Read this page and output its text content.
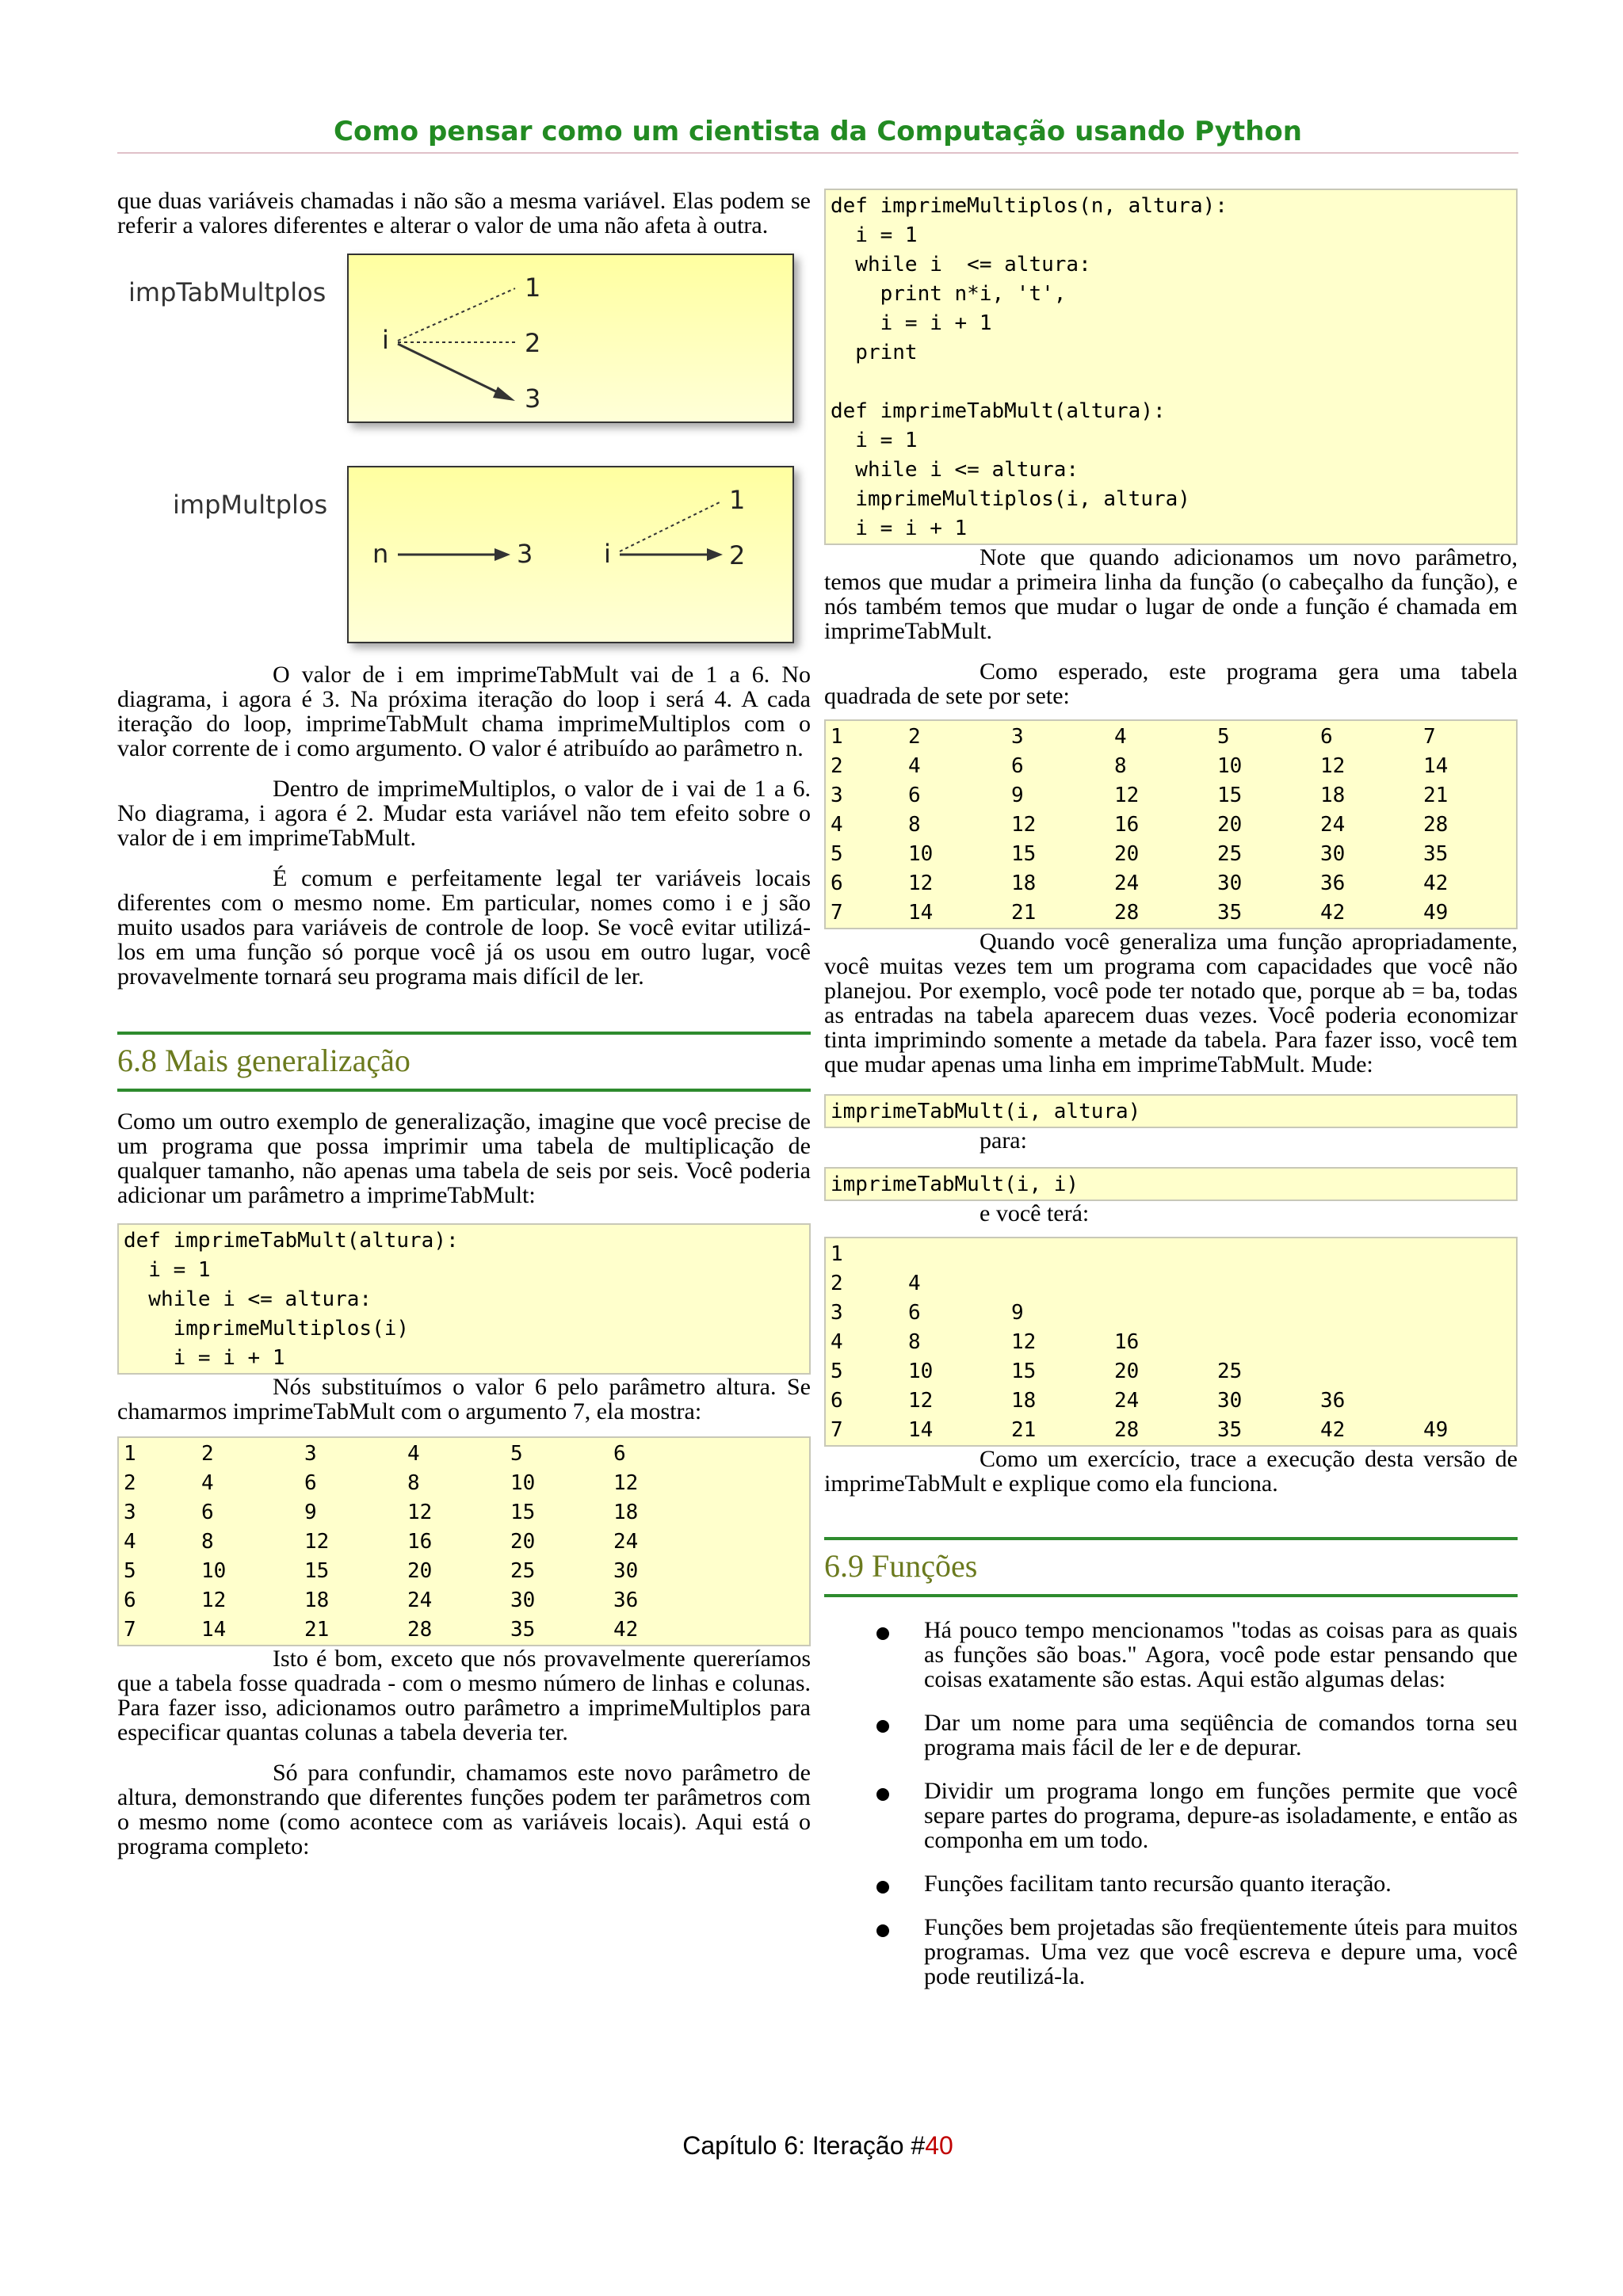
Como pensar como um cientista da Computação usando Python

que duas variáveis chamadas i não são a mesma variável. Elas podem se referir a valores diferentes e alterar o valor de uma não afeta à outra.

impTabMultplos
i
1
2
3
impMultplos
n	3	i
1
2

O valor de i em imprimeTabMult vai de 1 a 6. No diagrama, i agora é 3. Na próxima iteração do loop i será 4. A cada iteração do loop, imprimeTabMult chama imprimeMultiplos com o valor corrente de i como argumento. O valor é atribuído ao parâmetro n.

Dentro de imprimeMultiplos, o valor de i vai de 1 a 6. No diagrama, i agora é 2. Mudar esta variável não tem efeito sobre o valor de i em imprimeTabMult.

É comum e perfeitamente legal ter variáveis locais diferentes com o mesmo nome. Em particular, nomes como i e j são muito usados para variáveis de controle de loop. Se você evitar utilizá-los em uma função só porque você já os usou em outro lugar, você provavelmente tornará seu programa mais difícil de ler.

6.8 Mais generalização

Como um outro exemplo de generalização, imagine que você precise de um programa que possa imprimir uma tabela de multiplicação de qualquer tamanho, não apenas uma tabela de seis por seis. Você poderia adicionar um parâmetro a imprimeTabMult:

def imprimeTabMult(altura):
i = 1
while i <= altura:
imprimeMultiplos(i)
i = i + 1

Nós substituímos o valor 6 pelo parâmetro altura. Se chamarmos imprimeTabMult com o argumento 7, ela mostra:

1	2	3	4	5	6
2	4	6	8	10	12
3	6	9	12	15	18
4	8	12	16	20	24
5	10	15	20	25	30
6	12	18	24	30	36
7	14	21	28	35	42

Isto é bom, exceto que nós provavelmente quereríamos que a tabela fosse quadrada - com o mesmo número de linhas e colunas. Para fazer isso, adicionamos outro parâmetro a imprimeMultiplos para especificar quantas colunas a tabela deveria ter.

Só para confundir, chamamos este novo parâmetro de altura, demonstrando que diferentes funções podem ter parâmetros com o mesmo nome (como acontece com as variáveis locais). Aqui está o programa completo:

def imprimeMultiplos(n, altura):
i = 1
while i  <= altura:
print n*i, 't',
i = i + 1
print

def imprimeTabMult(altura):
i = 1
while i <= altura:
imprimeMultiplos(i, altura)
i = i + 1

Note que quando adicionamos um novo parâmetro, temos que mudar a primeira linha da função (o cabeçalho da função), e nós também temos que mudar o lugar de onde a função é chamada em imprimeTabMult.

Como esperado, este programa gera uma tabela quadrada de sete por sete:

1	2	3	4	5	6	7
2	4	6	8	10	12	14
3	6	9	12	15	18	21
4	8	12	16	20	24	28
5	10	15	20	25	30	35
6	12	18	24	30	36	42
7	14	21	28	35	42	49

Quando você generaliza uma função apropriadamente, você muitas vezes tem um programa com capacidades que você não planejou. Por exemplo, você pode ter notado que, porque ab = ba, todas as entradas na tabela aparecem duas vezes. Você poderia economizar tinta imprimindo somente a metade da tabela. Para fazer isso, você tem que mudar apenas uma linha em imprimeTabMult. Mude:

imprimeTabMult(i, altura)

para:

imprimeTabMult(i, i)

e você terá:

1
2	4
3	6	9
4	8	12	16
5	10	15	20	25
6	12	18	24	30	36
7	14	21	28	35	42	49

Como um exercício, trace a execução desta versão de imprimeTabMult e explique como ela funciona.

6.9 Funções

Há pouco tempo mencionamos "todas as coisas para as quais as funções são boas." Agora, você pode estar pensando que coisas exatamente são estas. Aqui estão algumas delas:

Dar um nome para uma seqüência de comandos torna seu programa mais fácil de ler e de depurar.

Dividir um programa longo em funções permite que você separe partes do programa, depure-as isoladamente, e então as componha em um todo.

Funções facilitam tanto recursão quanto iteração.

Funções bem projetadas são freqüentemente úteis para muitos programas. Uma vez que você escreva e depure uma, você pode reutilizá-la.

Capítulo 6: Iteração #40
